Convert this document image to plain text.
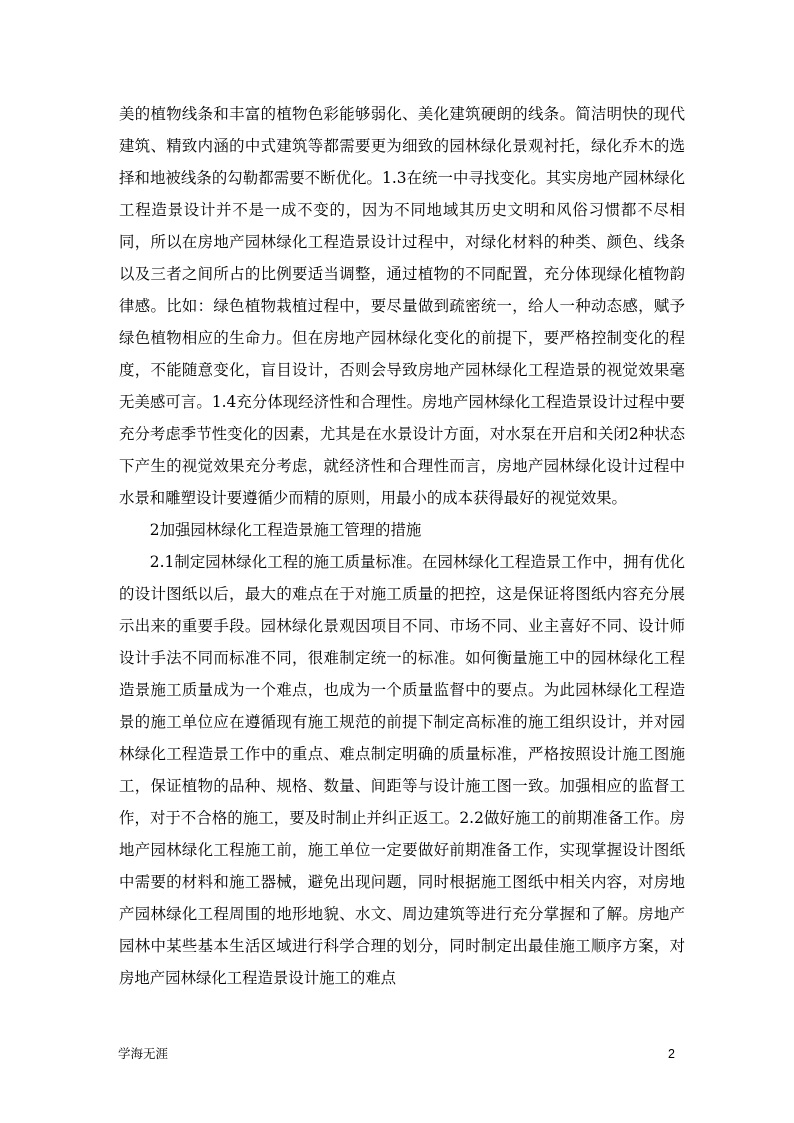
美的植物线条和丰富的植物色彩能够弱化、美化建筑硬朗的线条。简洁明快的现代建筑、精致内涵的中式建筑等都需要更为细致的园林绿化景观衬托，绿化乔木的选择和地被线条的勾勒都需要不断优化。1.3在统一中寻找变化。其实房地产园林绿化工程造景设计并不是一成不变的，因为不同地域其历史文明和风俗习惯都不尽相同，所以在房地产园林绿化工程造景设计过程中，对绿化材料的种类、颜色、线条以及三者之间所占的比例要适当调整，通过植物的不同配置，充分体现绿化植物韵律感。比如：绿色植物栽植过程中，要尽量做到疏密统一，给人一种动态感，赋予绿色植物相应的生命力。但在房地产园林绿化变化的前提下，要严格控制变化的程度，不能随意变化，盲目设计，否则会导致房地产园林绿化工程造景的视觉效果毫无美感可言。1.4充分体现经济性和合理性。房地产园林绿化工程造景设计过程中要充分考虑季节性变化的因素，尤其是在水景设计方面，对水泵在开启和关闭2种状态下产生的视觉效果充分考虑，就经济性和合理性而言，房地产园林绿化设计过程中水景和雕塑设计要遵循少而精的原则，用最小的成本获得最好的视觉效果。

2加强园林绿化工程造景施工管理的措施

2.1制定园林绿化工程的施工质量标准。在园林绿化工程造景工作中，拥有优化的设计图纸以后，最大的难点在于对施工质量的把控，这是保证将图纸内容充分展示出来的重要手段。园林绿化景观因项目不同、市场不同、业主喜好不同、设计师设计手法不同而标准不同，很难制定统一的标准。如何衡量施工中的园林绿化工程造景施工质量成为一个难点，也成为一个质量监督中的要点。为此园林绿化工程造景的施工单位应在遵循现有施工规范的前提下制定高标准的施工组织设计，并对园林绿化工程造景工作中的重点、难点制定明确的质量标准，严格按照设计施工图施工，保证植物的品种、规格、数量、间距等与设计施工图一致。加强相应的监督工作，对于不合格的施工，要及时制止并纠正返工。2.2做好施工的前期准备工作。房地产园林绿化工程施工前，施工单位一定要做好前期准备工作，实现掌握设计图纸中需要的材料和施工器械，避免出现问题，同时根据施工图纸中相关内容，对房地产园林绿化工程周围的地形地貌、水文、周边建筑等进行充分掌握和了解。房地产园林中某些基本生活区域进行科学合理的划分，同时制定出最佳施工顺序方案，对房地产园林绿化工程造景设计施工的难点

学海无涯	2
